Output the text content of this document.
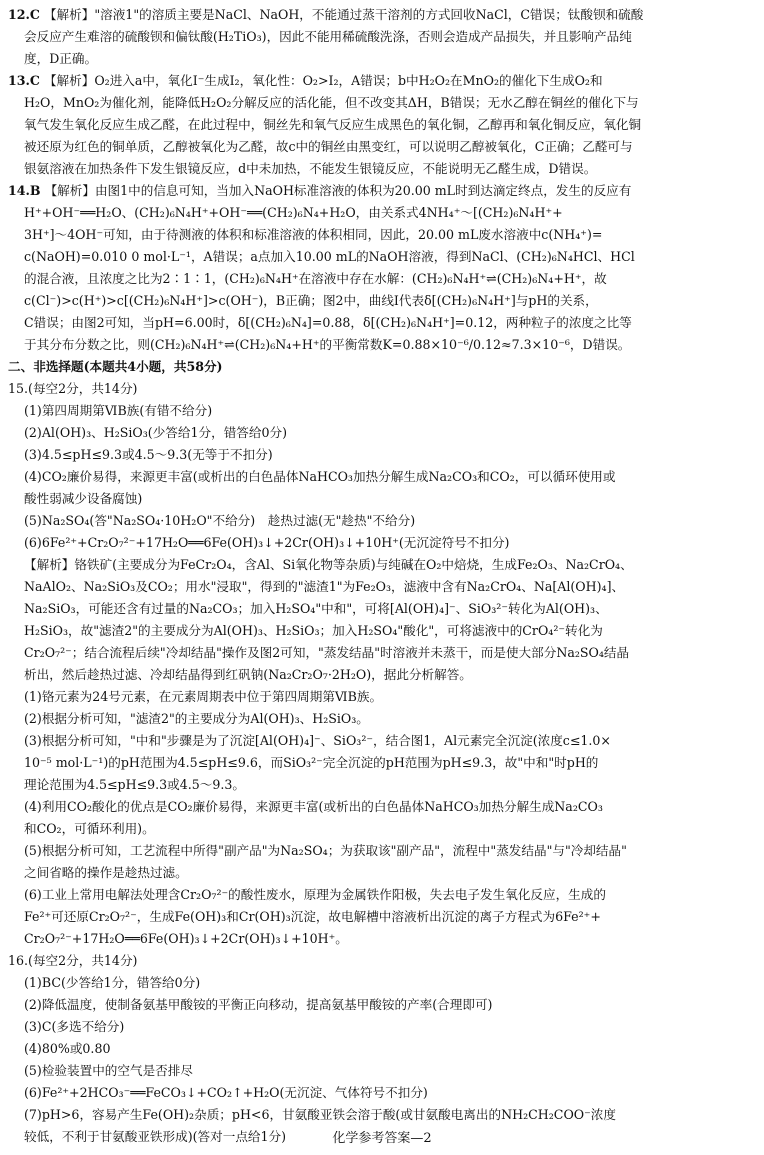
12.C 【解析】"溶液1"的溶质主要是NaCl、NaOH，不能通过蒸干溶剂的方式回收NaCl，C错误；钛酸钡和硫酸

会反应产生难溶的硫酸钡和偏钛酸(H₂TiO₃)，因此不能用稀硫酸洗涤，否则会造成产品损失，并且影响产品纯

度，D正确。

13.C 【解析】O₂进入a中，氧化I⁻生成I₂，氧化性：O₂>I₂，A错误；b中H₂O₂在MnO₂的催化下生成O₂和

H₂O，MnO₂为催化剂，能降低H₂O₂分解反应的活化能，但不改变其ΔH，B错误；无水乙醇在铜丝的催化下与

氧气发生氧化反应生成乙醛，在此过程中，铜丝先和氧气反应生成黑色的氧化铜，乙醇再和氧化铜反应，氧化铜

被还原为红色的铜单质，乙醇被氧化为乙醛，故c中的铜丝由黑变红，可以说明乙醇被氧化，C正确；乙醛可与

银氨溶液在加热条件下发生银镜反应，d中未加热，不能发生银镜反应，不能说明无乙醛生成，D错误。

14.B 【解析】由图1中的信息可知，当加入NaOH标准溶液的体积为20.00 mL时到达滴定终点，发生的反应有

H⁺+OH⁻══H₂O、(CH₂)₆N₄H⁺+OH⁻══(CH₂)₆N₄+H₂O，由关系式4NH₄⁺～[(CH₂)₆N₄H⁺+

3H⁺]～4OH⁻可知，由于待测液的体积和标准溶液的体积相同，因此，20.00 mL废水溶液中c(NH₄⁺)=

c(NaOH)=0.010 0 mol·L⁻¹，A错误；a点加入10.00 mL的NaOH溶液，得到NaCl、(CH₂)₆N₄HCl、HCl

的混合液，且浓度之比为2∶1∶1，(CH₂)₆N₄H⁺在溶液中存在水解：(CH₂)₆N₄H⁺⇌(CH₂)₆N₄+H⁺，故

c(Cl⁻)>c(H⁺)>c[(CH₂)₆N₄H⁺]>c(OH⁻)，B正确；图2中，曲线Ⅰ代表δ[(CH₂)₆N₄H⁺]与pH的关系，

C错误；由图2可知，当pH=6.00时，δ[(CH₂)₆N₄]=0.88，δ[(CH₂)₆N₄H⁺]=0.12，两种粒子的浓度之比等

于其分布分数之比，则(CH₂)₆N₄H⁺⇌(CH₂)₆N₄+H⁺的平衡常数K=0.88×10⁻⁶/0.12≈7.3×10⁻⁶，D错误。

二、非选择题(本题共4小题，共58分)

15.(每空2分，共14分)

(1)第四周期第ⅥB族(有错不给分)

(2)Al(OH)₃、H₂SiO₃(少答给1分，错答给0分)

(3)4.5≤pH≤9.3或4.5～9.3(无等于不扣分)

(4)CO₂廉价易得，来源更丰富(或析出的白色晶体NaHCO₃加热分解生成Na₂CO₃和CO₂，可以循环使用或

酸性弱减少设备腐蚀)

(5)Na₂SO₄(答"Na₂SO₄·10H₂O"不给分)　趁热过滤(无"趁热"不给分)

(6)6Fe²⁺+Cr₂O₇²⁻+17H₂O══6Fe(OH)₃↓+2Cr(OH)₃↓+10H⁺(无沉淀符号不扣分)

【解析】铬铁矿(主要成分为FeCr₂O₄，含Al、Si氧化物等杂质)与纯碱在O₂中焙烧，生成Fe₂O₃、Na₂CrO₄、

NaAlO₂、Na₂SiO₃及CO₂；用水"浸取"，得到的"滤渣1"为Fe₂O₃，滤液中含有Na₂CrO₄、Na[Al(OH)₄]、

Na₂SiO₃，可能还含有过量的Na₂CO₃；加入H₂SO₄"中和"，可将[Al(OH)₄]⁻、SiO₃²⁻转化为Al(OH)₃、

H₂SiO₃，故"滤渣2"的主要成分为Al(OH)₃、H₂SiO₃；加入H₂SO₄"酸化"，可将滤液中的CrO₄²⁻转化为

Cr₂O₇²⁻；结合流程后续"冷却结晶"操作及图2可知，"蒸发结晶"时溶液并未蒸干，而是使大部分Na₂SO₄结晶

析出，然后趁热过滤、冷却结晶得到红矾钠(Na₂Cr₂O₇·2H₂O)，据此分析解答。

(1)铬元素为24号元素，在元素周期表中位于第四周期第ⅥB族。

(2)根据分析可知，"滤渣2"的主要成分为Al(OH)₃、H₂SiO₃。

(3)根据分析可知，"中和"步骤是为了沉淀[Al(OH)₄]⁻、SiO₃²⁻，结合图1，Al元素完全沉淀(浓度c≤1.0×

10⁻⁵ mol·L⁻¹)的pH范围为4.5≤pH≤9.6，而SiO₃²⁻完全沉淀的pH范围为pH≤9.3，故"中和"时pH的

理论范围为4.5≤pH≤9.3或4.5～9.3。

(4)利用CO₂酸化的优点是CO₂廉价易得，来源更丰富(或析出的白色晶体NaHCO₃加热分解生成Na₂CO₃

和CO₂，可循环利用)。

(5)根据分析可知，工艺流程中所得"副产品"为Na₂SO₄；为获取该"副产品"，流程中"蒸发结晶"与"冷却结晶"

之间省略的操作是趁热过滤。

(6)工业上常用电解法处理含Cr₂O₇²⁻的酸性废水，原理为金属铁作阳极，失去电子发生氧化反应，生成的

Fe²⁺可还原Cr₂O₇²⁻，生成Fe(OH)₃和Cr(OH)₃沉淀，故电解槽中溶液析出沉淀的离子方程式为6Fe²⁺+

Cr₂O₇²⁻+17H₂O══6Fe(OH)₃↓+2Cr(OH)₃↓+10H⁺。

16.(每空2分，共14分)

(1)BC(少答给1分，错答给0分)

(2)降低温度，使制备氨基甲酸铵的平衡正向移动，提高氨基甲酸铵的产率(合理即可)

(3)C(多选不给分)

(4)80%或0.80

(5)检验装置中的空气是否排尽

(6)Fe²⁺+2HCO₃⁻══FeCO₃↓+CO₂↑+H₂O(无沉淀、气体符号不扣分)

(7)pH>6，容易产生Fe(OH)₂杂质；pH<6，甘氨酸亚铁会溶于酸(或甘氨酸电离出的NH₂CH₂COO⁻浓度

较低，不利于甘氨酸亚铁形成)(答对一点给1分)	化学参考答案—2
